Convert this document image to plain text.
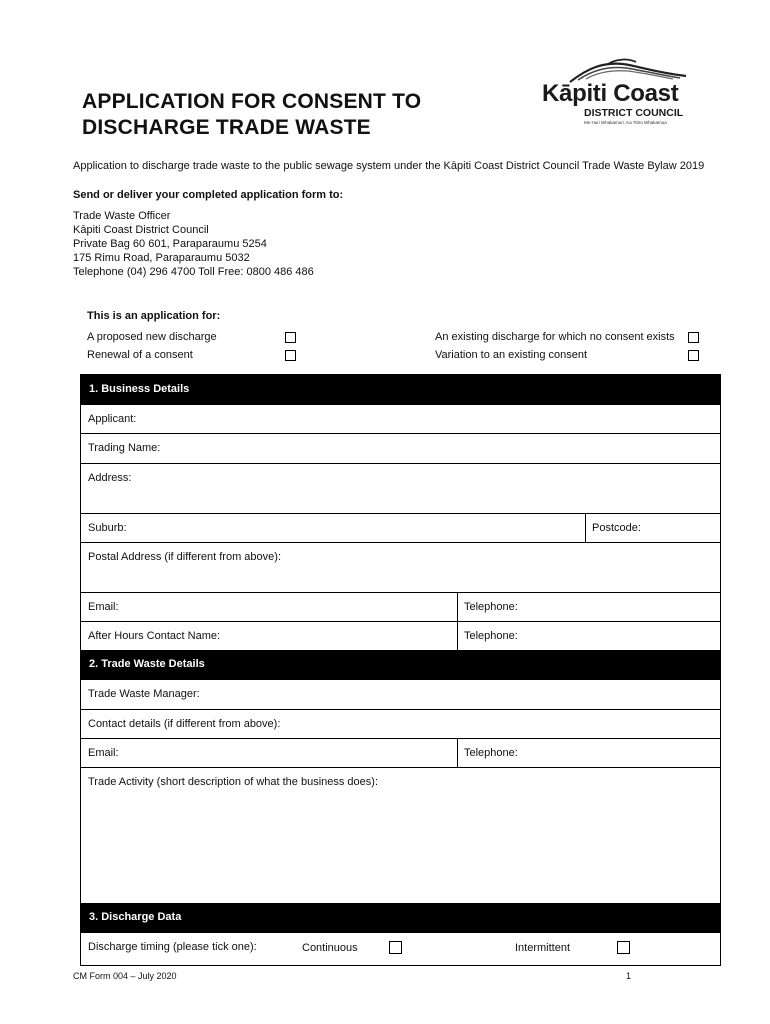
APPLICATION FOR CONSENT TO
DISCHARGE TRADE WASTE
Kāpiti Coast
DISTRICT COUNCIL
Me Huri Whakamuri, Ka Titiro Whakamua
Application to discharge trade waste to the public sewage system under the Kāpiti Coast District Council Trade Waste Bylaw 2019
Send or deliver your completed application form to:
Trade Waste Officer
Kāpiti Coast District Council
Private Bag 60 601, Paraparaumu 5254
175 Rimu Road, Paraparaumu 5032
Telephone (04) 296 4700 Toll Free: 0800 486 486
This is an application for:
A proposed new discharge
Renewal of a consent
An existing discharge for which no consent exists
Variation to an existing consent
1. Business Details
Applicant:
Trading Name:
Address:
Suburb:	Postcode:
Postal Address (if different from above):
Email:	Telephone:
After Hours Contact Name:	Telephone:
2. Trade Waste Details
Trade Waste Manager:
Contact details (if different from above):
Email:	Telephone:
Trade Activity (short description of what the business does):
3. Discharge Data
Discharge timing (please tick one):	Continuous	Intermittent
CM Form 004 – July 2020	1
